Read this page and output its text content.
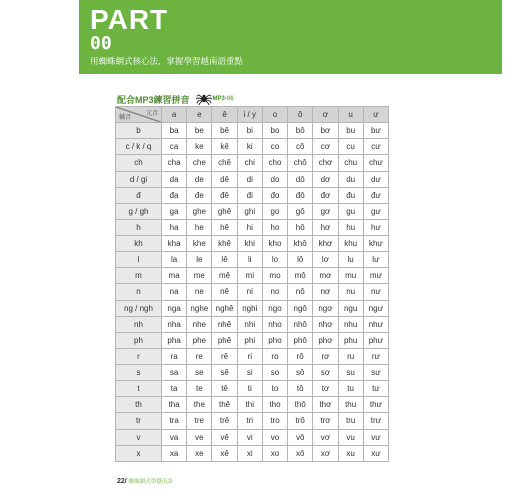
PART
00
用蜘蛛網式核心法，掌握學習越南語重點
配合MP3練習拼音	MP3-06
元音
輔音	a	e	ê	i / y	o	ô	ơ	u	ư
b	ba	be	bê	bi	bo	bô	bơ	bu	bư
c / k / q	ca	ke	kê	ki	co	cô	cơ	cu	cư
ch	cha	che	chê	chi	cho	chô	chơ	chu	chư
d / gi	da	de	dê	di	do	dô	dơ	du	dư
đ	đa	đe	đê	đi	đo	đô	đơ	đu	đư
g / gh	ga	ghe	ghê	ghi	go	gô	gơ	gu	gư
h	ha	he	hê	hi	ho	hô	hơ	hu	hư
kh	kha	khe	khê	khi	kho	khô	khơ	khu	khư
l	la	le	lê	li	lo	lô	lơ	lu	lư
m	ma	me	mê	mi	mo	mô	mơ	mu	mư
n	na	ne	nê	ni	no	nô	nơ	nu	nư
ng / ngh	nga	nghe	nghê	nghi	ngo	ngô	ngơ	ngu	ngư
nh	nha	nhe	nhê	nhi	nho	nhô	nhơ	nhu	như
ph	pha	phe	phê	phi	pho	phô	phơ	phu	phư
r	ra	re	rê	ri	ro	rô	rơ	ru	rư
s	sa	se	sê	si	so	sô	sơ	su	sư
t	ta	te	tê	ti	to	tô	tơ	tu	tư
th	tha	the	thê	thi	tho	thô	thơ	thu	thư
tr	tra	tre	trê	tri	tro	trô	trơ	tru	trư
v	va	ve	vê	vi	vo	vô	vơ	vu	vư
x	xa	xe	xê	xi	xo	xô	xơ	xu	xư
22/ 蜘蛛網式學越南語
